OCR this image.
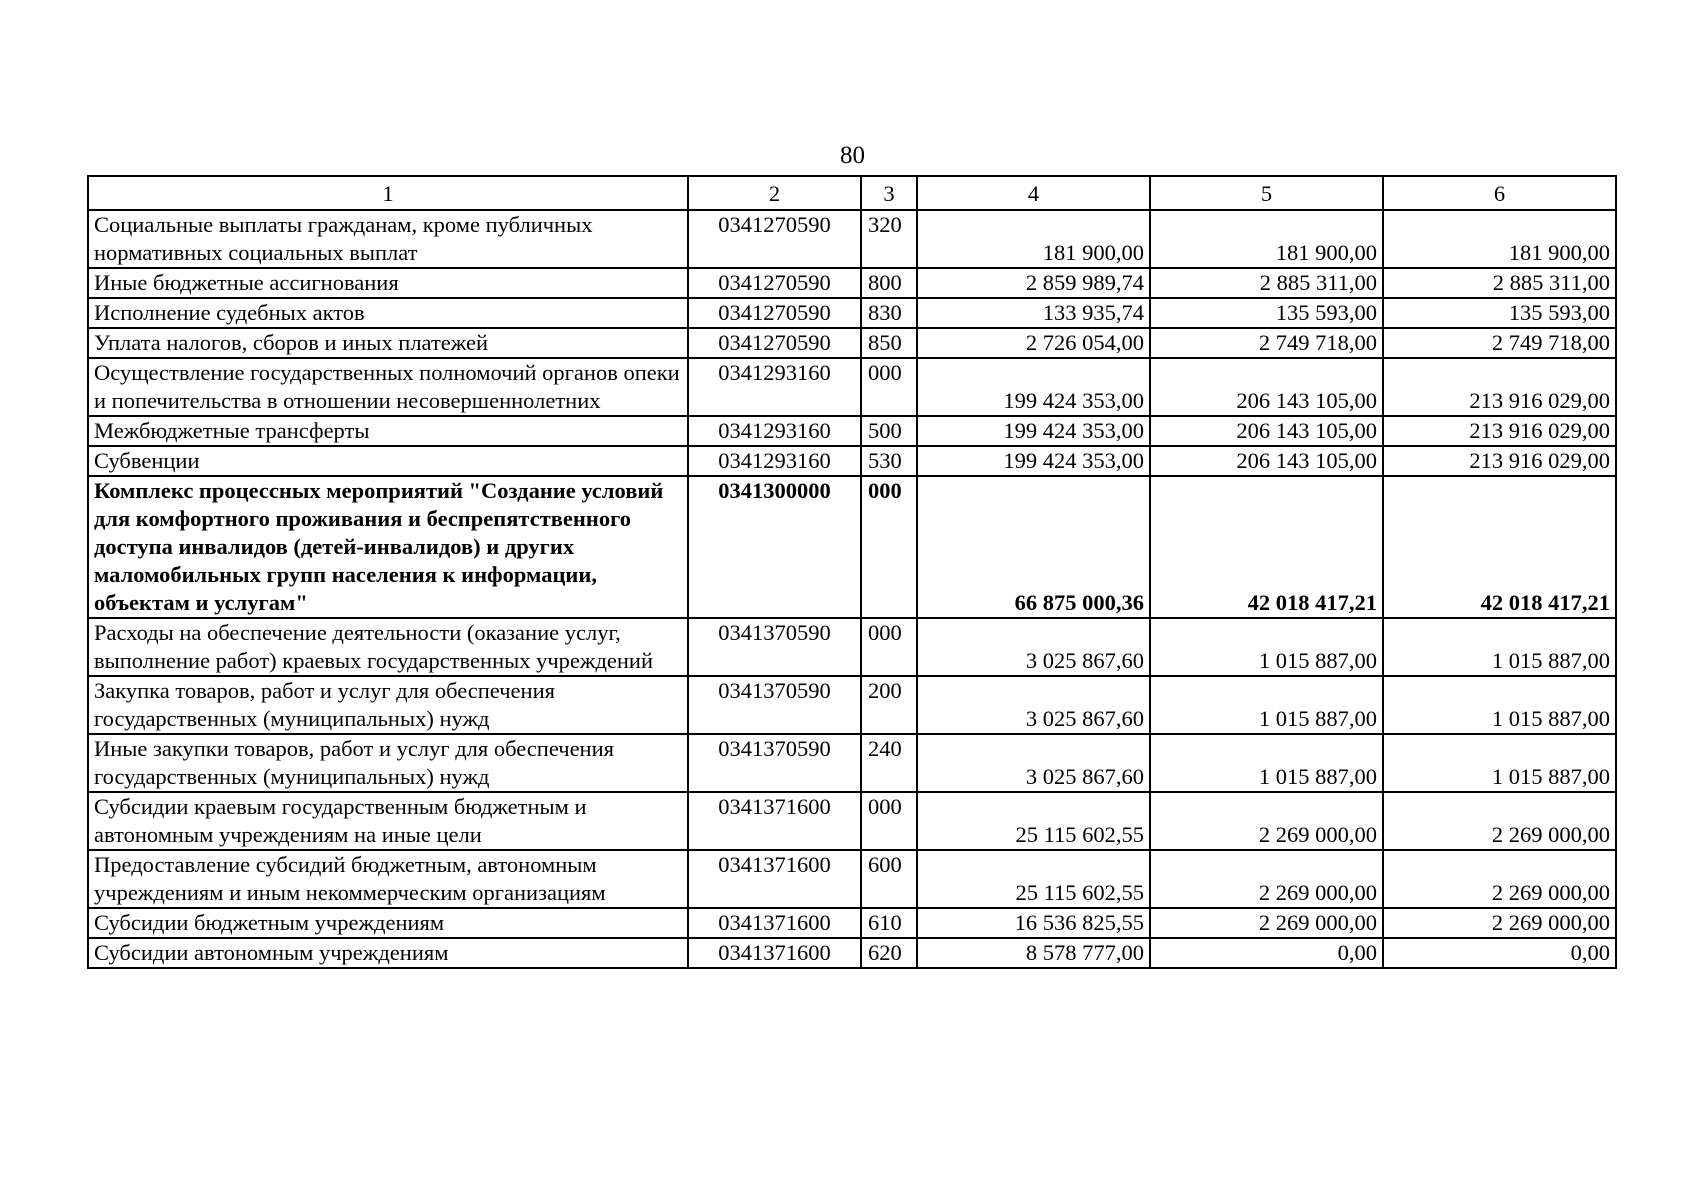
80
1	2	3	4	5	6
Социальные выплаты гражданам, кроме публичных нормативных социальных выплат	0341270590	320	181 900,00	181 900,00	181 900,00
Иные бюджетные ассигнования	0341270590	800	2 859 989,74	2 885 311,00	2 885 311,00
Исполнение судебных актов	0341270590	830	133 935,74	135 593,00	135 593,00
Уплата налогов, сборов и иных платежей	0341270590	850	2 726 054,00	2 749 718,00	2 749 718,00
Осуществление государственных полномочий органов опеки и попечительства в отношении несовершеннолетних	0341293160	000	199 424 353,00	206 143 105,00	213 916 029,00
Межбюджетные трансферты	0341293160	500	199 424 353,00	206 143 105,00	213 916 029,00
Субвенции	0341293160	530	199 424 353,00	206 143 105,00	213 916 029,00
Комплекс процессных мероприятий "Создание условий для комфортного проживания и беспрепятственного доступа инвалидов (детей-инвалидов) и других маломобильных групп населения к информации, объектам и услугам"	0341300000	000	66 875 000,36	42 018 417,21	42 018 417,21
Расходы на обеспечение деятельности (оказание услуг, выполнение работ) краевых государственных учреждений	0341370590	000	3 025 867,60	1 015 887,00	1 015 887,00
Закупка товаров, работ и услуг для обеспечения государственных (муниципальных) нужд	0341370590	200	3 025 867,60	1 015 887,00	1 015 887,00
Иные закупки товаров, работ и услуг для обеспечения государственных (муниципальных) нужд	0341370590	240	3 025 867,60	1 015 887,00	1 015 887,00
Субсидии краевым государственным бюджетным и автономным учреждениям на иные цели	0341371600	000	25 115 602,55	2 269 000,00	2 269 000,00
Предоставление субсидий бюджетным, автономным учреждениям и иным некоммерческим организациям	0341371600	600	25 115 602,55	2 269 000,00	2 269 000,00
Субсидии бюджетным учреждениям	0341371600	610	16 536 825,55	2 269 000,00	2 269 000,00
Субсидии автономным учреждениям	0341371600	620	8 578 777,00	0,00	0,00
